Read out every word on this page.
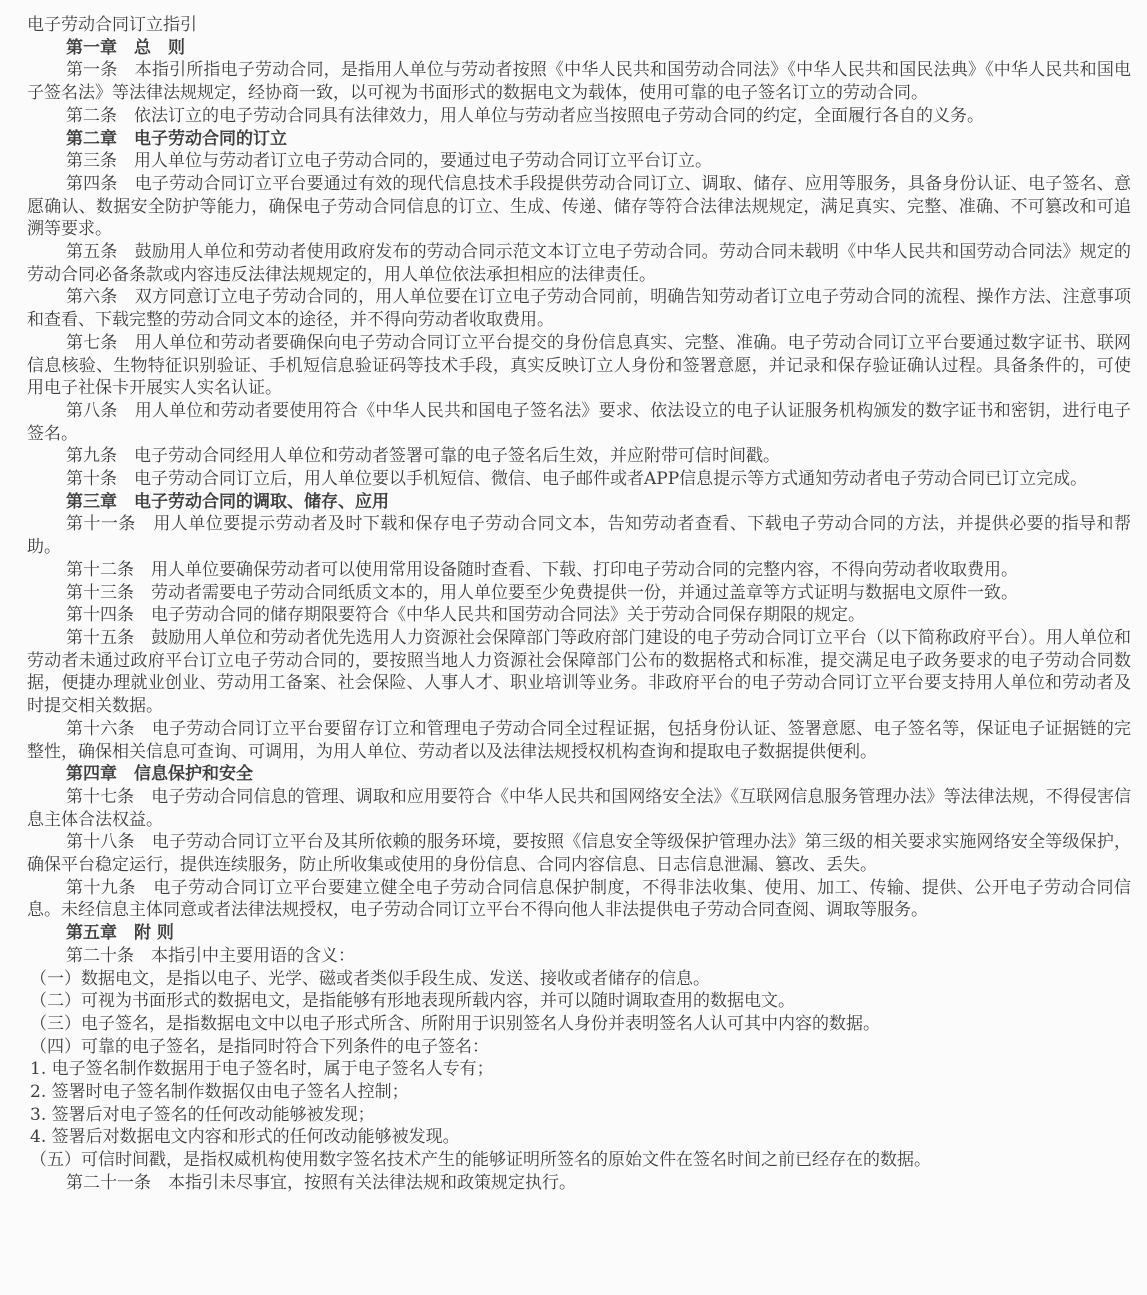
电子劳动合同订立指引

第一章　总　则

第一条　本指引所指电子劳动合同，是指用人单位与劳动者按照《中华人民共和国劳动合同法》《中华人民共和国民法典》《中华人民共和国电子签名法》等法律法规规定，经协商一致，以可视为书面形式的数据电文为载体，使用可靠的电子签名订立的劳动合同。

第二条　依法订立的电子劳动合同具有法律效力，用人单位与劳动者应当按照电子劳动合同的约定，全面履行各自的义务。

第二章　电子劳动合同的订立

第三条　用人单位与劳动者订立电子劳动合同的，要通过电子劳动合同订立平台订立。

第四条　电子劳动合同订立平台要通过有效的现代信息技术手段提供劳动合同订立、调取、储存、应用等服务，具备身份认证、电子签名、意愿确认、数据安全防护等能力，确保电子劳动合同信息的订立、生成、传递、储存等符合法律法规规定，满足真实、完整、准确、不可篡改和可追溯等要求。

第五条　鼓励用人单位和劳动者使用政府发布的劳动合同示范文本订立电子劳动合同。劳动合同未载明《中华人民共和国劳动合同法》规定的劳动合同必备条款或内容违反法律法规规定的，用人单位依法承担相应的法律责任。

第六条　双方同意订立电子劳动合同的，用人单位要在订立电子劳动合同前，明确告知劳动者订立电子劳动合同的流程、操作方法、注意事项和查看、下载完整的劳动合同文本的途径，并不得向劳动者收取费用。

第七条　用人单位和劳动者要确保向电子劳动合同订立平台提交的身份信息真实、完整、准确。电子劳动合同订立平台要通过数字证书、联网信息核验、生物特征识别验证、手机短信息验证码等技术手段，真实反映订立人身份和签署意愿，并记录和保存验证确认过程。具备条件的，可使用电子社保卡开展实人实名认证。

第八条　用人单位和劳动者要使用符合《中华人民共和国电子签名法》要求、依法设立的电子认证服务机构颁发的数字证书和密钥，进行电子签名。

第九条　电子劳动合同经用人单位和劳动者签署可靠的电子签名后生效，并应附带可信时间戳。

第十条　电子劳动合同订立后，用人单位要以手机短信、微信、电子邮件或者APP信息提示等方式通知劳动者电子劳动合同已订立完成。

第三章　电子劳动合同的调取、储存、应用

第十一条　用人单位要提示劳动者及时下载和保存电子劳动合同文本，告知劳动者查看、下载电子劳动合同的方法，并提供必要的指导和帮助。

第十二条　用人单位要确保劳动者可以使用常用设备随时查看、下载、打印电子劳动合同的完整内容，不得向劳动者收取费用。

第十三条　劳动者需要电子劳动合同纸质文本的，用人单位要至少免费提供一份，并通过盖章等方式证明与数据电文原件一致。

第十四条　电子劳动合同的储存期限要符合《中华人民共和国劳动合同法》关于劳动合同保存期限的规定。

第十五条　鼓励用人单位和劳动者优先选用人力资源社会保障部门等政府部门建设的电子劳动合同订立平台（以下简称政府平台）。用人单位和劳动者未通过政府平台订立电子劳动合同的，要按照当地人力资源社会保障部门公布的数据格式和标准，提交满足电子政务要求的电子劳动合同数据，便捷办理就业创业、劳动用工备案、社会保险、人事人才、职业培训等业务。非政府平台的电子劳动合同订立平台要支持用人单位和劳动者及时提交相关数据。

第十六条　电子劳动合同订立平台要留存订立和管理电子劳动合同全过程证据，包括身份认证、签署意愿、电子签名等，保证电子证据链的完整性，确保相关信息可查询、可调用，为用人单位、劳动者以及法律法规授权机构查询和提取电子数据提供便利。

第四章　信息保护和安全

第十七条　电子劳动合同信息的管理、调取和应用要符合《中华人民共和国网络安全法》《互联网信息服务管理办法》等法律法规，不得侵害信息主体合法权益。

第十八条　电子劳动合同订立平台及其所依赖的服务环境，要按照《信息安全等级保护管理办法》第三级的相关要求实施网络安全等级保护，确保平台稳定运行，提供连续服务，防止所收集或使用的身份信息、合同内容信息、日志信息泄漏、篡改、丢失。

第十九条　电子劳动合同订立平台要建立健全电子劳动合同信息保护制度，不得非法收集、使用、加工、传输、提供、公开电子劳动合同信息。未经信息主体同意或者法律法规授权，电子劳动合同订立平台不得向他人非法提供电子劳动合同查阅、调取等服务。

第五章　附 则

第二十条　本指引中主要用语的含义：

（一）数据电文，是指以电子、光学、磁或者类似手段生成、发送、接收或者储存的信息。

（二）可视为书面形式的数据电文，是指能够有形地表现所载内容，并可以随时调取查用的数据电文。

（三）电子签名，是指数据电文中以电子形式所含、所附用于识别签名人身份并表明签名人认可其中内容的数据。

（四）可靠的电子签名，是指同时符合下列条件的电子签名：

1. 电子签名制作数据用于电子签名时，属于电子签名人专有；

2. 签署时电子签名制作数据仅由电子签名人控制；

3. 签署后对电子签名的任何改动能够被发现；

4. 签署后对数据电文内容和形式的任何改动能够被发现。

（五）可信时间戳，是指权威机构使用数字签名技术产生的能够证明所签名的原始文件在签名时间之前已经存在的数据。

第二十一条　本指引未尽事宜，按照有关法律法规和政策规定执行。
